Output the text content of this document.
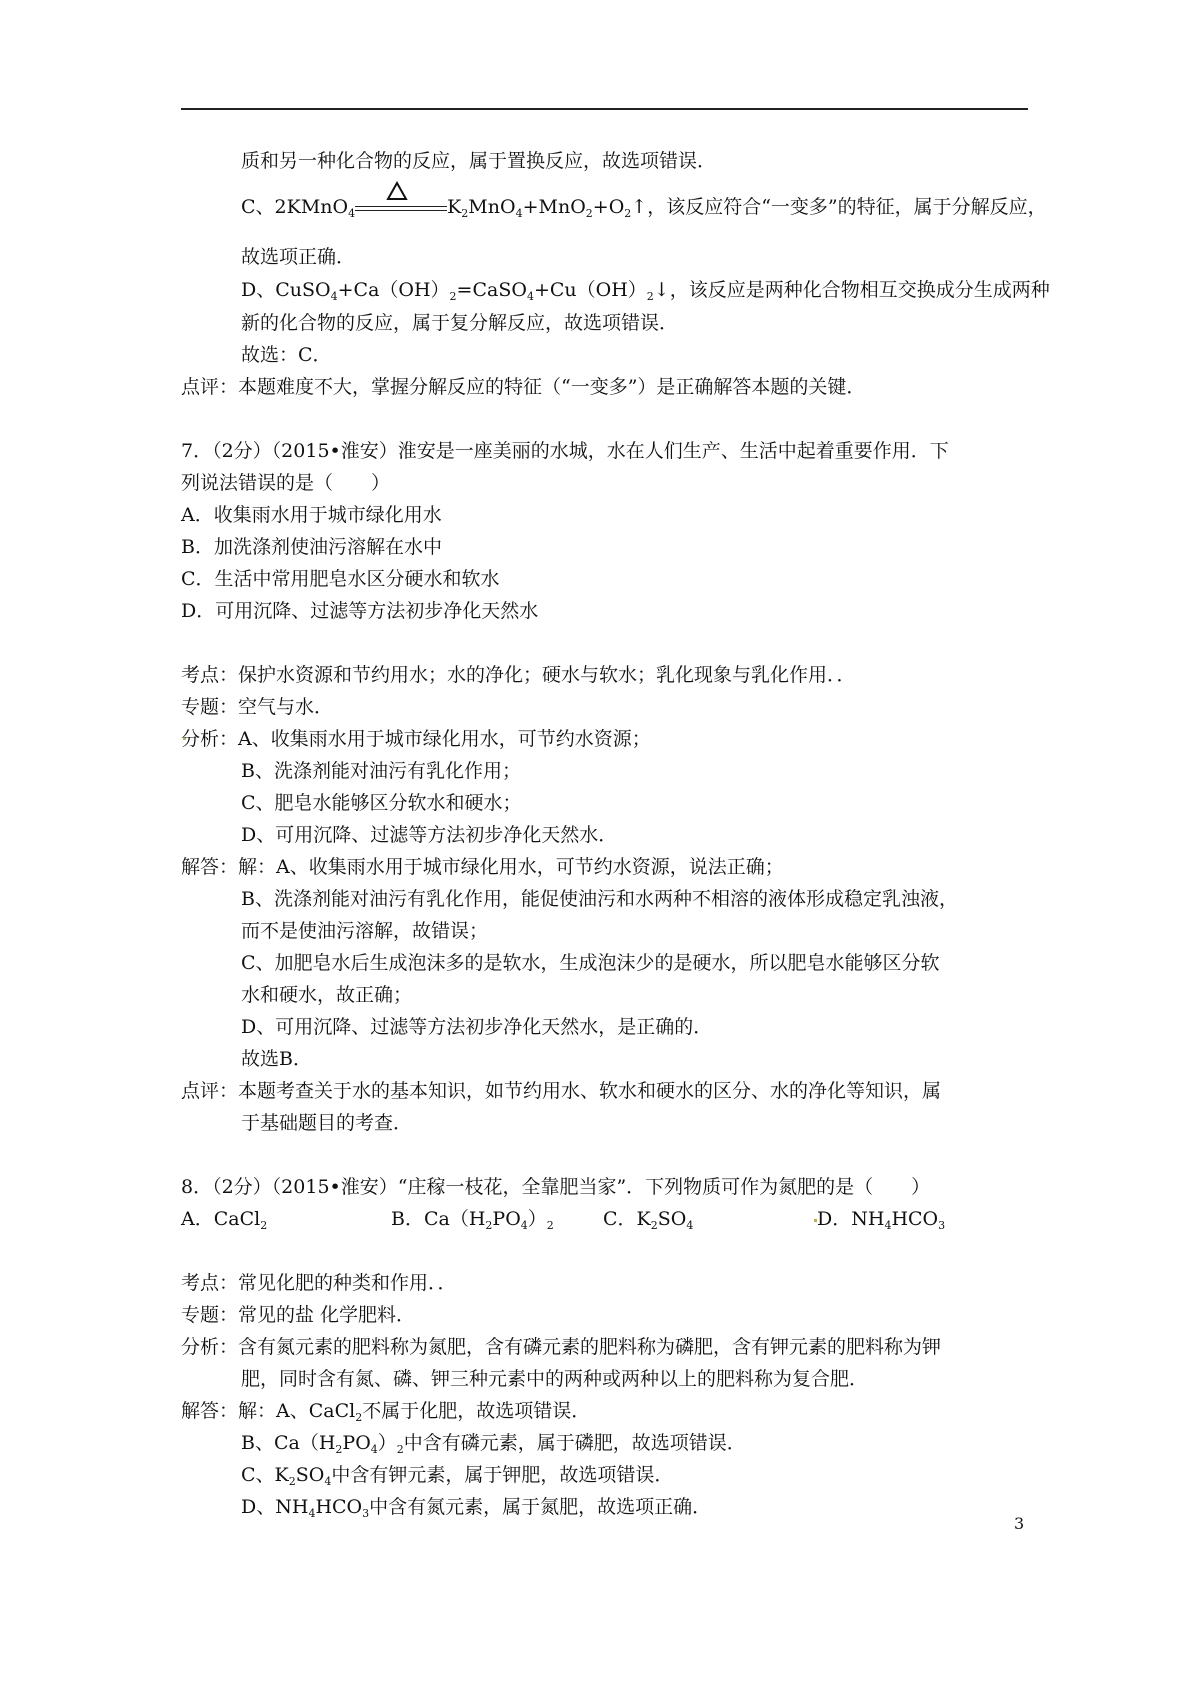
质和另一种化合物的反应，属于置换反应，故选项错误．
C、2KMnO$_4$	$K_2MnO_4+MnO_2+O_2↑$，该反应符合“一变多”的特征，属于分解反应，
故选项正确．
D、$CuSO_4+Ca(OH)_2=CaSO_4+Cu(OH)_2↓$，该反应是两种化合物相互交换成分生成两种
新的化合物的反应，属于复分解反应，故选项错误．
故选：C．
点评：本题难度不大，掌握分解反应的特征（“一变多”）是正确解答本题的关键．
7．（2分）（2015•淮安）淮安是一座美丽的水城，水在人们生产、生活中起着重要作用．下
列说法错误的是（　　）
A．收集雨水用于城市绿化用水
B．加洗涤剂使油污溶解在水中
C．生活中常用肥皂水区分硬水和软水
D．可用沉降、过滤等方法初步净化天然水
考点：保护水资源和节约用水；水的净化；硬水与软水；乳化现象与乳化作用．．
专题：空气与水．
分析：A、收集雨水用于城市绿化用水，可节约水资源；
B、洗涤剂能对油污有乳化作用；
C、肥皂水能够区分软水和硬水；
D、可用沉降、过滤等方法初步净化天然水．
解答：解：A、收集雨水用于城市绿化用水，可节约水资源，说法正确；
B、洗涤剂能对油污有乳化作用，能促使油污和水两种不相溶的液体形成稳定乳浊液，
而不是使油污溶解，故错误；
C、加肥皂水后生成泡沫多的是软水，生成泡沫少的是硬水，所以肥皂水能够区分软
水和硬水，故正确；
D、可用沉降、过滤等方法初步净化天然水，是正确的．
故选B．
点评：本题考查关于水的基本知识，如节约用水、软水和硬水的区分、水的净化等知识，属
于基础题目的考查．
8．（2分）（2015•淮安）“庄稼一枝花，全靠肥当家”．下列物质可作为氮肥的是（　　）
A．CaCl$_2$	B．$Ca(H_2PO_4)_2$	C．$K_2SO_4$	D．$NH_4HCO_3$
考点：常见化肥的种类和作用．．
专题：常见的盐 化学肥料．
分析：含有氮元素的肥料称为氮肥，含有磷元素的肥料称为磷肥，含有钾元素的肥料称为钾
肥，同时含有氮、磷、钾三种元素中的两种或两种以上的肥料称为复合肥．
解答：解：A、CaCl$_2$不属于化肥，故选项错误．
B、$Ca(H_2PO_4)_2$中含有磷元素，属于磷肥，故选项错误．
C、$K_2SO_4$中含有钾元素，属于钾肥，故选项错误．
D、$NH_4HCO_3$中含有氮元素，属于氮肥，故选项正确．
3
